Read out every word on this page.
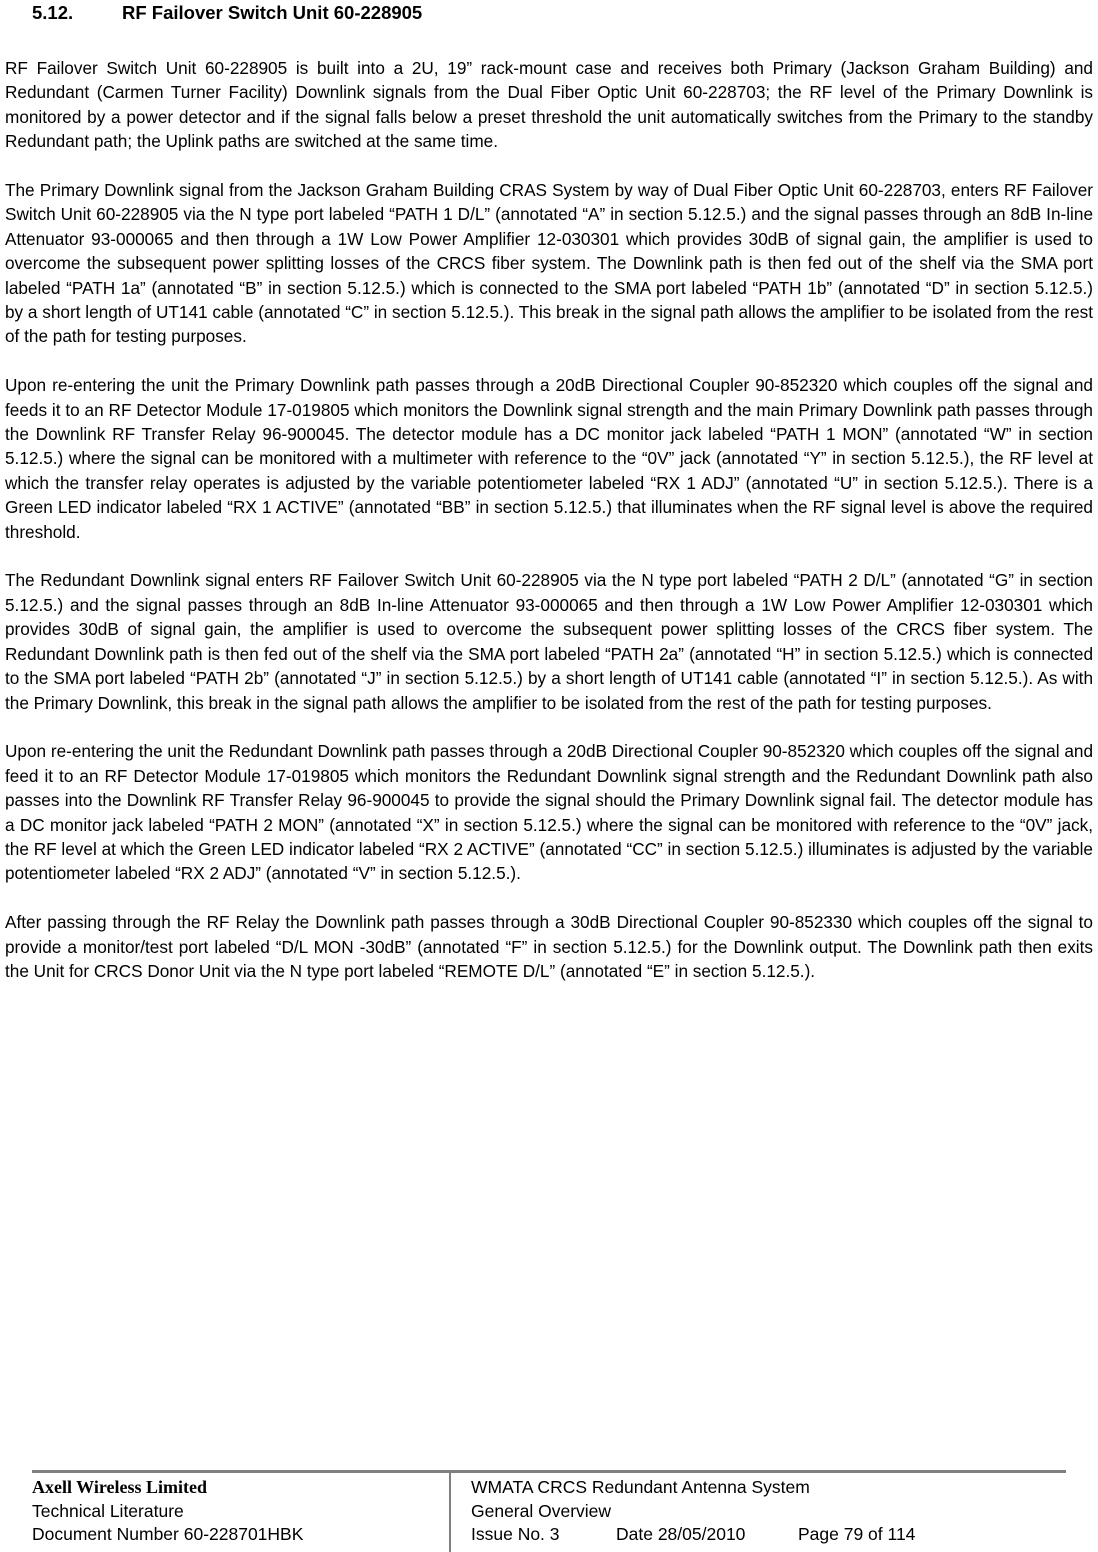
5.12.	RF Failover Switch Unit 60-228905

RF Failover Switch Unit 60-228905 is built into a 2U, 19” rack-mount case and receives both Primary (Jackson Graham Building) and Redundant (Carmen Turner Facility) Downlink signals from the Dual Fiber Optic Unit 60-228703; the RF level of the Primary Downlink is monitored by a power detector and if the signal falls below a preset threshold the unit automatically switches from the Primary to the standby Redundant path; the Uplink paths are switched at the same time.

The Primary Downlink signal from the Jackson Graham Building CRAS System by way of Dual Fiber Optic Unit 60-228703, enters RF Failover Switch Unit 60-228905 via the N type port labeled “PATH 1 D/L” (annotated “A” in section 5.12.5.) and the signal passes through an 8dB In-line Attenuator 93-000065 and then through a 1W Low Power Amplifier 12-030301 which provides 30dB of signal gain, the amplifier is used to overcome the subsequent power splitting losses of the CRCS fiber system. The Downlink path is then fed out of the shelf via the SMA port labeled “PATH 1a” (annotated “B” in section 5.12.5.) which is connected to the SMA port labeled “PATH 1b” (annotated “D” in section 5.12.5.) by a short length of UT141 cable (annotated “C” in section 5.12.5.). This break in the signal path allows the amplifier to be isolated from the rest of the path for testing purposes.

Upon re-entering the unit the Primary Downlink path passes through a 20dB Directional Coupler 90-852320 which couples off the signal and feeds it to an RF Detector Module 17-019805 which monitors the Downlink signal strength and the main Primary Downlink path passes through the Downlink RF Transfer Relay 96-900045. The detector module has a DC monitor jack labeled “PATH 1 MON” (annotated “W” in section 5.12.5.) where the signal can be monitored with a multimeter with reference to the “0V” jack (annotated “Y” in section 5.12.5.), the RF level at which the transfer relay operates is adjusted by the variable potentiometer labeled “RX 1 ADJ” (annotated “U” in section 5.12.5.). There is a Green LED indicator labeled “RX 1 ACTIVE” (annotated “BB” in section 5.12.5.) that illuminates when the RF signal level is above the required threshold.

The Redundant Downlink signal enters RF Failover Switch Unit 60-228905 via the N type port labeled “PATH 2 D/L” (annotated “G” in section 5.12.5.) and the signal passes through an 8dB In-line Attenuator 93-000065 and then through a 1W Low Power Amplifier 12-030301 which provides 30dB of signal gain, the amplifier is used to overcome the subsequent power splitting losses of the CRCS fiber system. The Redundant Downlink path is then fed out of the shelf via the SMA port labeled “PATH 2a” (annotated “H” in section 5.12.5.) which is connected to the SMA port labeled “PATH 2b” (annotated “J” in section 5.12.5.) by a short length of UT141 cable (annotated “I” in section 5.12.5.). As with the Primary Downlink, this break in the signal path allows the amplifier to be isolated from the rest of the path for testing purposes.

Upon re-entering the unit the Redundant Downlink path passes through a 20dB Directional Coupler 90-852320 which couples off the signal and feed it to an RF Detector Module 17-019805 which monitors the Redundant Downlink signal strength and the Redundant Downlink path also passes into the Downlink RF Transfer Relay 96-900045 to provide the signal should the Primary Downlink signal fail. The detector module has a DC monitor jack labeled “PATH 2 MON” (annotated “X” in section 5.12.5.) where the signal can be monitored with reference to the “0V” jack, the RF level at which the Green LED indicator labeled “RX 2 ACTIVE” (annotated “CC” in section 5.12.5.) illuminates is adjusted by the variable potentiometer labeled “RX 2 ADJ” (annotated “V” in section 5.12.5.).

After passing through the RF Relay the Downlink path passes through a 30dB Directional Coupler 90-852330 which couples off the signal to provide a monitor/test port labeled “D/L MON -30dB” (annotated “F” in section 5.12.5.) for the Downlink output. The Downlink path then exits the Unit for CRCS Donor Unit via the N type port labeled “REMOTE D/L” (annotated “E” in section 5.12.5.).

Axell Wireless Limited
Technical Literature
Document Number 60-228701HBK
WMATA CRCS Redundant Antenna System
General Overview
Issue No. 3	Date 28/05/2010	Page 79 of 114
